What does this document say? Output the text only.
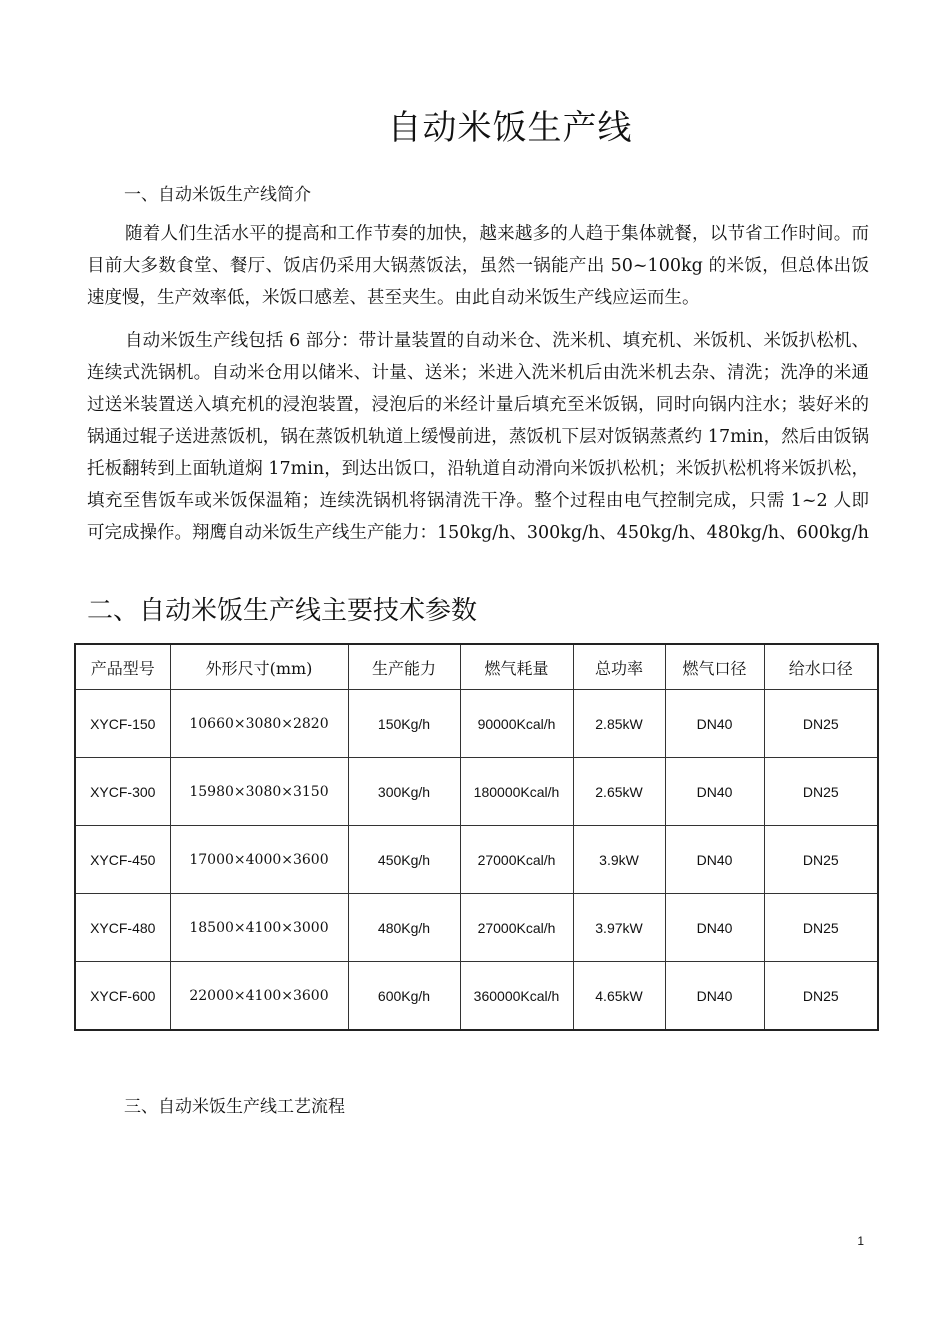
自动米饭生产线
一、自动米饭生产线简介

随着人们生活水平的提高和工作节奏的加快，越来越多的人趋于集体就餐，以节省工作时间。而目前大多数食堂、餐厅、饭店仍采用大锅蒸饭法，虽然一锅能产出 50~100kg 的米饭，但总体出饭速度慢，生产效率低，米饭口感差、甚至夹生。由此自动米饭生产线应运而生。

自动米饭生产线包括 6 部分：带计量装置的自动米仓、洗米机、填充机、米饭机、米饭扒松机、连续式洗锅机。自动米仓用以储米、计量、送米；米进入洗米机后由洗米机去杂、清洗；洗净的米通过送米装置送入填充机的浸泡装置，浸泡后的米经计量后填充至米饭锅，同时向锅内注水；装好米的锅通过辊子送进蒸饭机，锅在蒸饭机轨道上缓慢前进，蒸饭机下层对饭锅蒸煮约 17min，然后由饭锅托板翻转到上面轨道焖 17min，到达出饭口，沿轨道自动滑向米饭扒松机；米饭扒松机将米饭扒松，填充至售饭车或米饭保温箱；连续洗锅机将锅清洗干净。整个过程由电气控制完成，只需 1~2 人即可完成操作。翔鹰自动米饭生产线生产能力：150kg/h、300kg/h、450kg/h、480kg/h、600kg/h

二、自动米饭生产线主要技术参数
产品型号	外形尺寸(mm)	生产能力	燃气耗量	总功率	燃气口径	给水口径
XYCF-150	10660×3080×2820	150Kg/h	90000Kcal/h	2.85kW	DN40	DN25
XYCF-300	15980×3080×3150	300Kg/h	180000Kcal/h	2.65kW	DN40	DN25
XYCF-450	17000×4000×3600	450Kg/h	27000Kcal/h	3.9kW	DN40	DN25
XYCF-480	18500×4100×3000	480Kg/h	27000Kcal/h	3.97kW	DN40	DN25
XYCF-600	22000×4100×3600	600Kg/h	360000Kcal/h	4.65kW	DN40	DN25
三、自动米饭生产线工艺流程
1
